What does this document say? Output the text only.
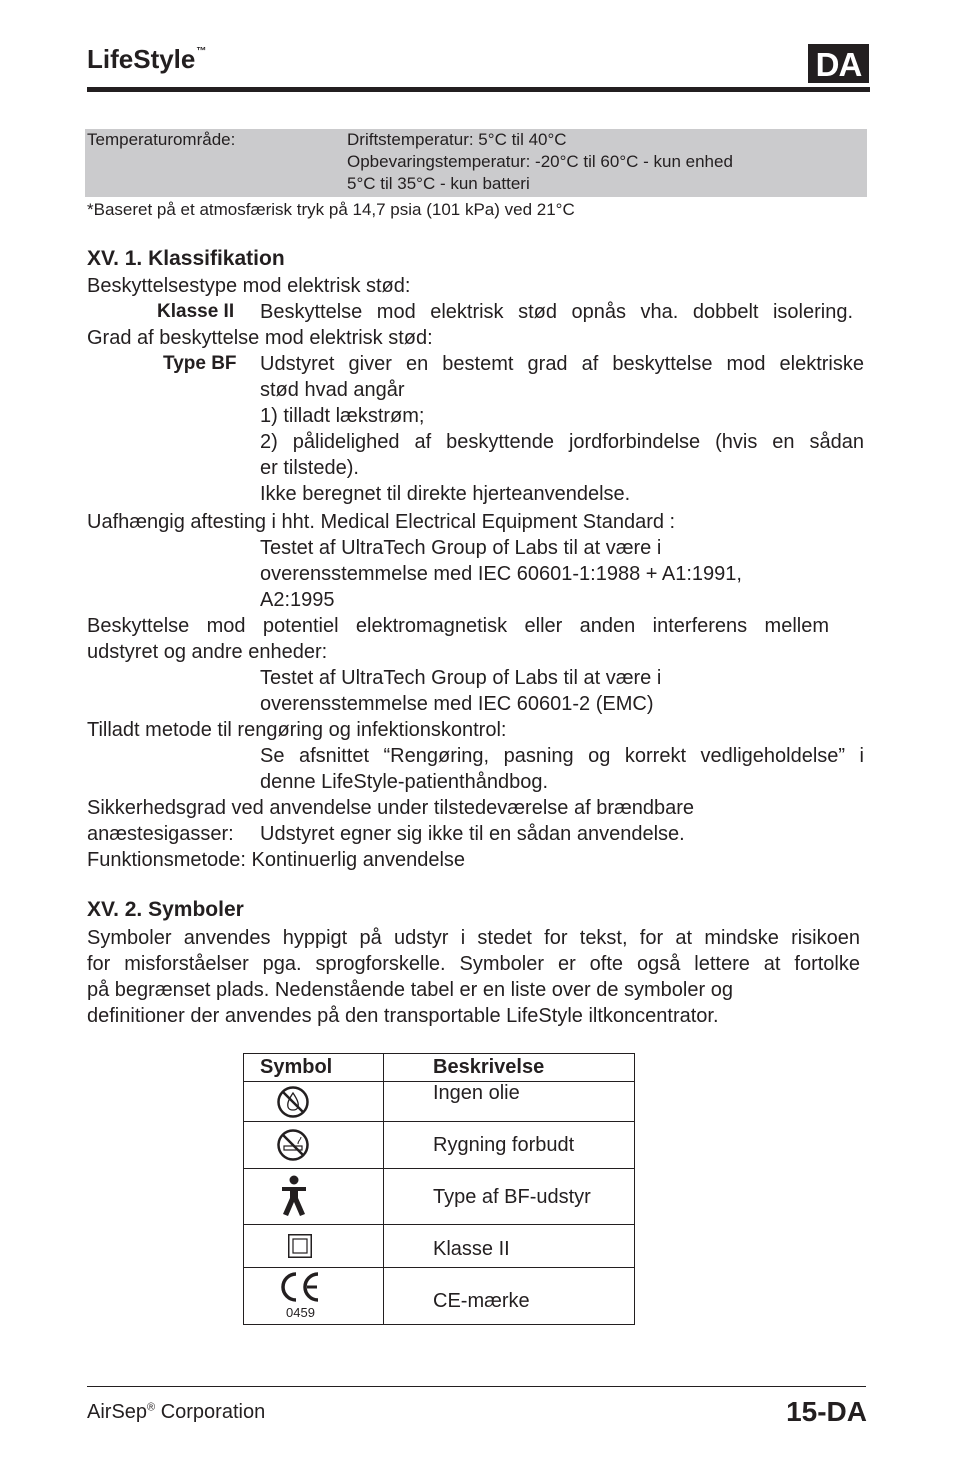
LifeStyle™	DA
Temperaturområde:	Driftstemperatur: 5°C til 40°C
Opbevaringstemperatur: -20°C til 60°C - kun enhed
5°C til 35°C - kun batteri
*Baseret på et atmosfærisk tryk på 14,7 psia (101 kPa) ved 21°C
XV. 1. Klassifikation
Beskyttelsestype mod elektrisk stød:
Klasse II Beskyttelse mod elektrisk stød opnås vha. dobbelt isolering.
Grad af beskyttelse mod elektrisk stød:
Type BF Udstyret giver en bestemt grad af beskyttelse mod elektriske
stød hvad angår
1) tilladt lækstrøm;
2) pålidelighed af beskyttende jordforbindelse (hvis en sådan
er tilstede).
Ikke beregnet til direkte hjerteanvendelse.
Uafhængig aftesting i hht. Medical Electrical Equipment Standard :
Testet af UltraTech Group of Labs til at være i
overensstemmelse med IEC 60601-1:1988 + A1:1991,
A2:1995
Beskyttelse mod potentiel elektromagnetisk eller anden interferens mellem
udstyret og andre enheder:
Testet af UltraTech Group of Labs til at være i
overensstemmelse med IEC 60601-2 (EMC)
Tilladt metode til rengøring og infektionskontrol:
Se afsnittet “Rengøring, pasning og korrekt vedligeholdelse” i
denne LifeStyle-patienthåndbog.
Sikkerhedsgrad ved anvendelse under tilstedeværelse af brændbare
anæstesigasser: Udstyret egner sig ikke til en sådan anvendelse.
Funktionsmetode: Kontinuerlig anvendelse
XV. 2. Symboler
Symboler anvendes hyppigt på udstyr i stedet for tekst, for at mindske risikoen
for misforståelser pga. sprogforskelle. Symboler er ofte også lettere at fortolke
på begrænset plads. Nedenstående tabel er en liste over de symboler og
definitioner der anvendes på den transportable LifeStyle iltkoncentrator.
Symbol	Beskrivelse
Ingen olie
Rygning forbudt
Type af BF-udstyr
Klasse II
0459
CE-mærke
AirSep® Corporation	15-DA
